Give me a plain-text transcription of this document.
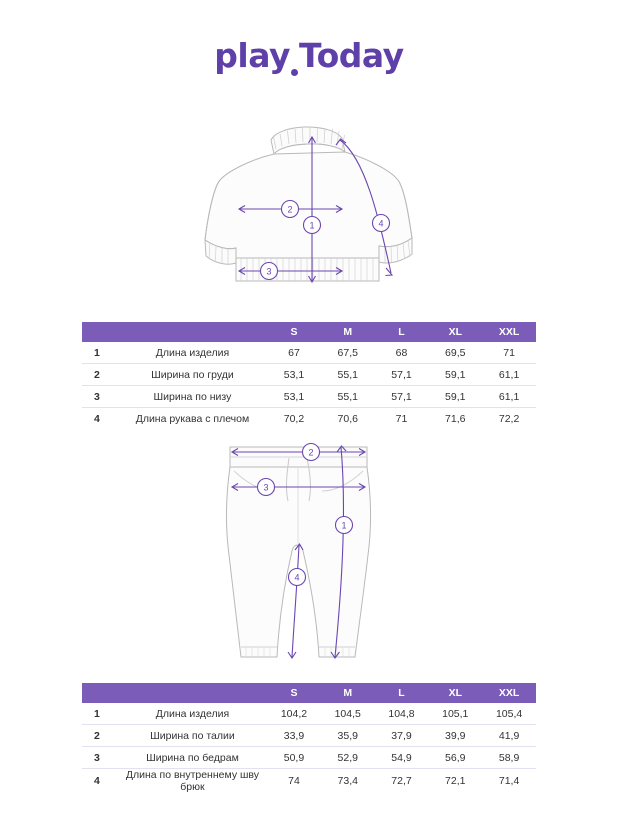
play Today
1
2
3
4
		S	M	L	XL	XXL
1	Длина изделия	67	67,5	68	69,5	71
2	Ширина по груди	53,1	55,1	57,1	59,1	61,1
3	Ширина по низу	53,1	55,1	57,1	59,1	61,1
4	Длина рукава с плечом	70,2	70,6	71	71,6	72,2
2
3
1
4
		S	M	L	XL	XXL
1	Длина изделия	104,2	104,5	104,8	105,1	105,4
2	Ширина по талии	33,9	35,9	37,9	39,9	41,9
3	Ширина по бедрам	50,9	52,9	54,9	56,9	58,9
4	Длина по внутреннему шву брюк	74	73,4	72,7	72,1	71,4
